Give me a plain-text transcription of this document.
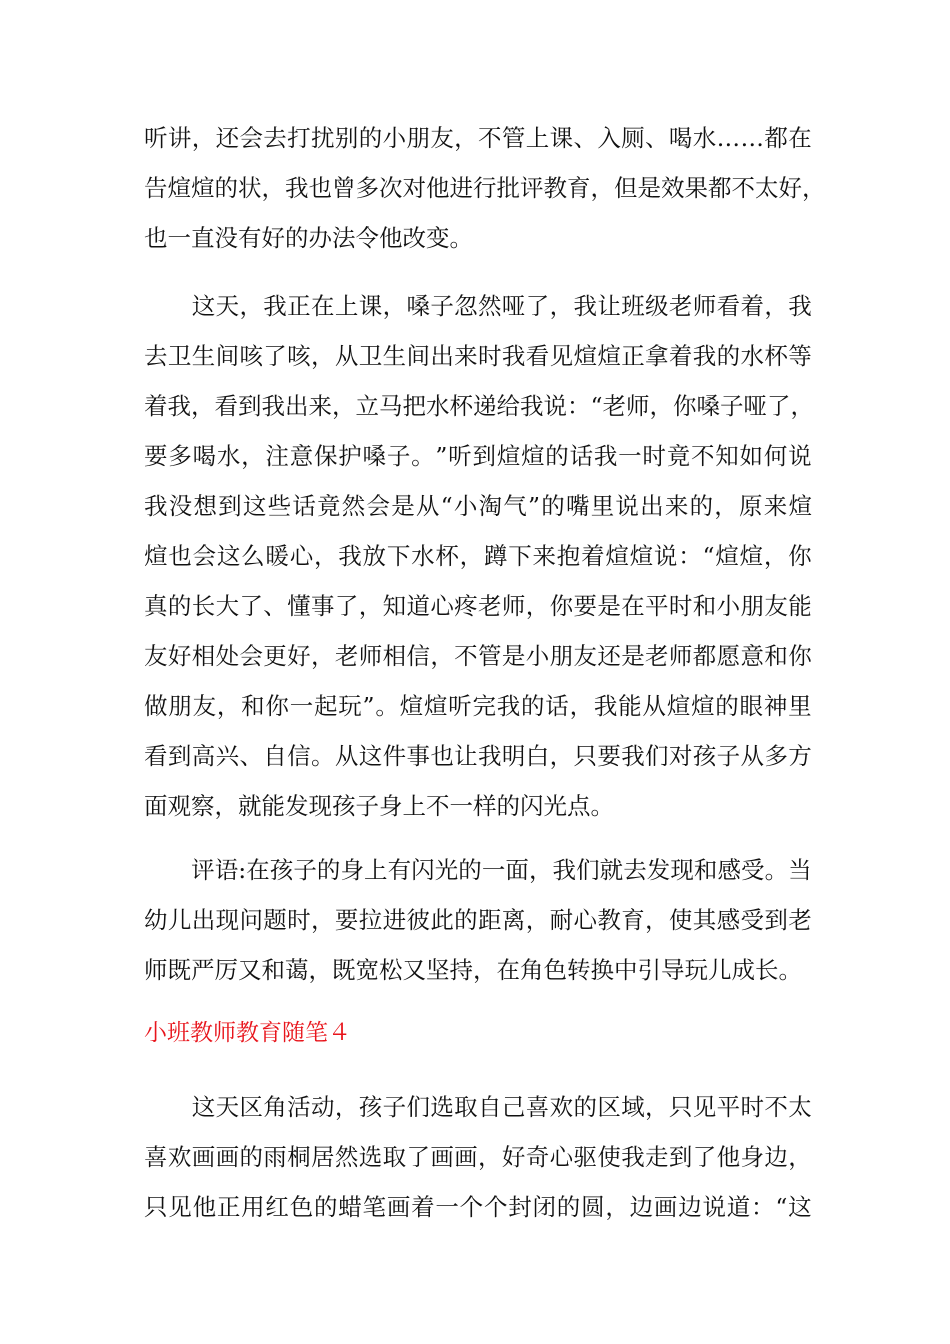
听 讲 ， 还 会 去 打 扰 别 的 小 朋 友 ， 不 管 上 课 、 入 厕 、 喝 水 … … 都 在
告 煊 煊 的 状 ， 我 也 曾 多 次 对 他 进 行 批 评 教 育 ， 但 是 效 果 都 不 太 好 ，
也一直没有好的办法令他改变。

这 天 ， 我 正 在 上 课 ， 嗓 子 忽 然 哑 了 ， 我 让 班 级 老 师 看 着 ， 我
去 卫 生 间 咳 了 咳 ， 从 卫 生 间 出 来 时 我 看 见 煊 煊 正 拿 着 我 的 水 杯 等
着 我 ， 看 到 我 出 来 ， 立 马 把 水 杯 递 给 我 说 ： “ 老 师 ， 你 嗓 子 哑 了 ，
要 多 喝 水 ， 注 意 保 护 嗓 子 。 ” 听 到 煊 煊 的 话 我 一 时 竟 不 知 如 何 说
我 没 想 到 这 些 话 竟 然 会 是 从 “ 小 淘 气 ” 的 嘴 里 说 出 来 的 ， 原 来 煊
煊 也 会 这 么 暖 心 ， 我 放 下 水 杯 ， 蹲 下 来 抱 着 煊 煊 说 ： “ 煊 煊 ， 你
真 的 长 大 了 、 懂 事 了 ， 知 道 心 疼 老 师 ， 你 要 是 在 平 时 和 小 朋 友 能
友 好 相 处 会 更 好 ， 老 师 相 信 ， 不 管 是 小 朋 友 还 是 老 师 都 愿 意 和 你
做 朋 友 ， 和 你 一 起 玩 ” 。 煊 煊 听 完 我 的 话 ， 我 能 从 煊 煊 的 眼 神 里
看 到 高 兴 、 自 信 。 从 这 件 事 也 让 我 明 白 ， 只 要 我 们 对 孩 子 从 多 方
面观察，就能发现孩子身上不一样的闪光点。

评 语 : 在 孩 子 的 身 上 有 闪 光 的 一 面 ， 我 们 就 去 发 现 和 感 受 。 当
幼 儿 出 现 问 题 时 ， 要 拉 进 彼 此 的 距 离 ， 耐 心 教 育 ， 使 其 感 受 到 老
师既严厉又和蔼，既宽松又坚持，在角色转换中引导玩儿成长。
小班教师教育随笔４

这 天 区 角 活 动 ， 孩 子 们 选 取 自 己 喜 欢 的 区 域 ， 只 见 平 时 不 太
喜 欢 画 画 的 雨 桐 居 然 选 取 了 画 画 ， 好 奇 心 驱 使 我 走 到 了 他 身 边 ，
只 见 他 正 用 红 色 的 蜡 笔 画 着 一 个 个 封 闭 的 圆 ， 边 画 边 说 道 ： “ 这
